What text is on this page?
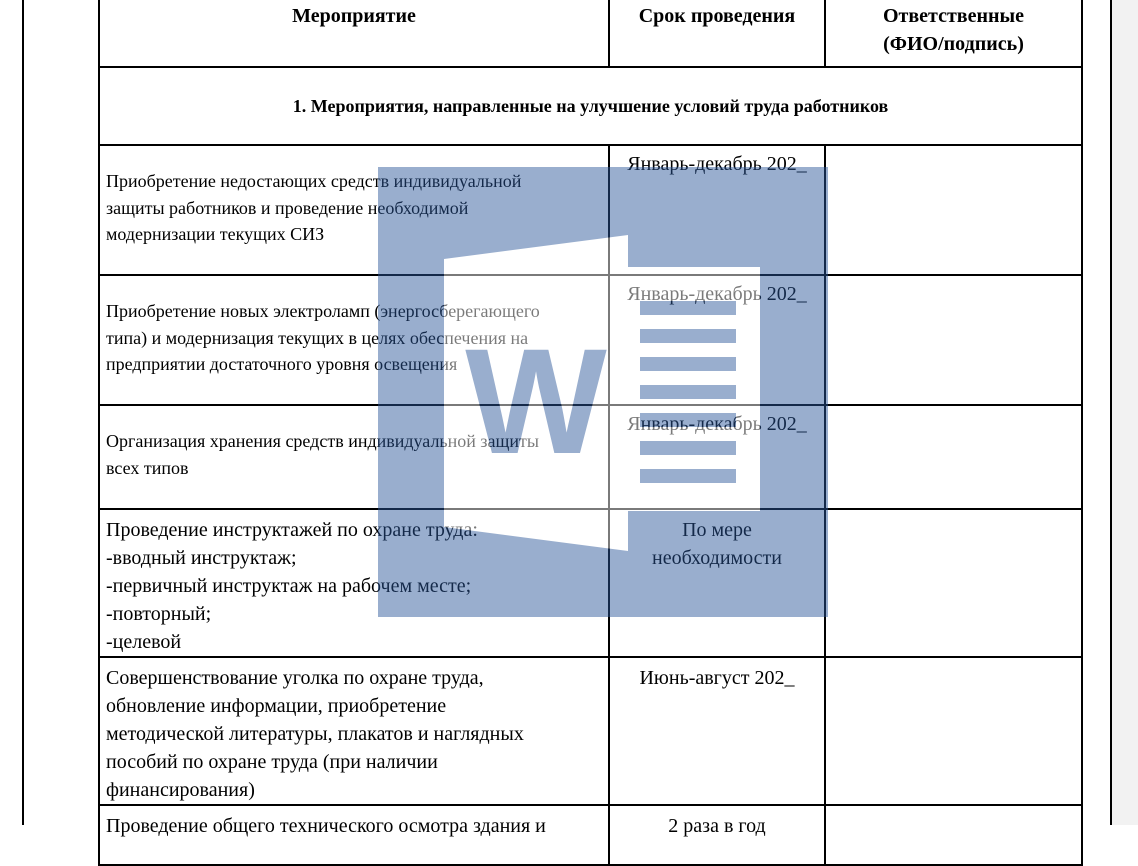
Мероприятие	Срок проведения	Ответственные
(ФИО/подпись)
1. Мероприятия, направленные на улучшение условий труда работников		
Приобретение недостающих средств индивидуальной
защиты работников и проведение необходимой
модернизации текущих СИЗ	Январь-декабрь 202_	
Приобретение новых электроламп (энергосберегающего
типа) и модернизация текущих в целях обеспечения на
предприятии достаточного уровня освещения	Январь-декабрь 202_	
Организация хранения средств индивидуальной защиты
всех типов	Январь-декабрь 202_	
Проведение инструктажей по охране труда:
-вводный инструктаж;
-первичный инструктаж на рабочем месте;
-повторный;
-целевой	По мере
необходимости	
Совершенствование уголка по охране труда,
обновление информации, приобретение
методической литературы, плакатов и наглядных
пособий по охране труда (при наличии
финансирования)	Июнь-август 202_	
Проведение общего технического осмотра здания и	2 раза в год	
W
